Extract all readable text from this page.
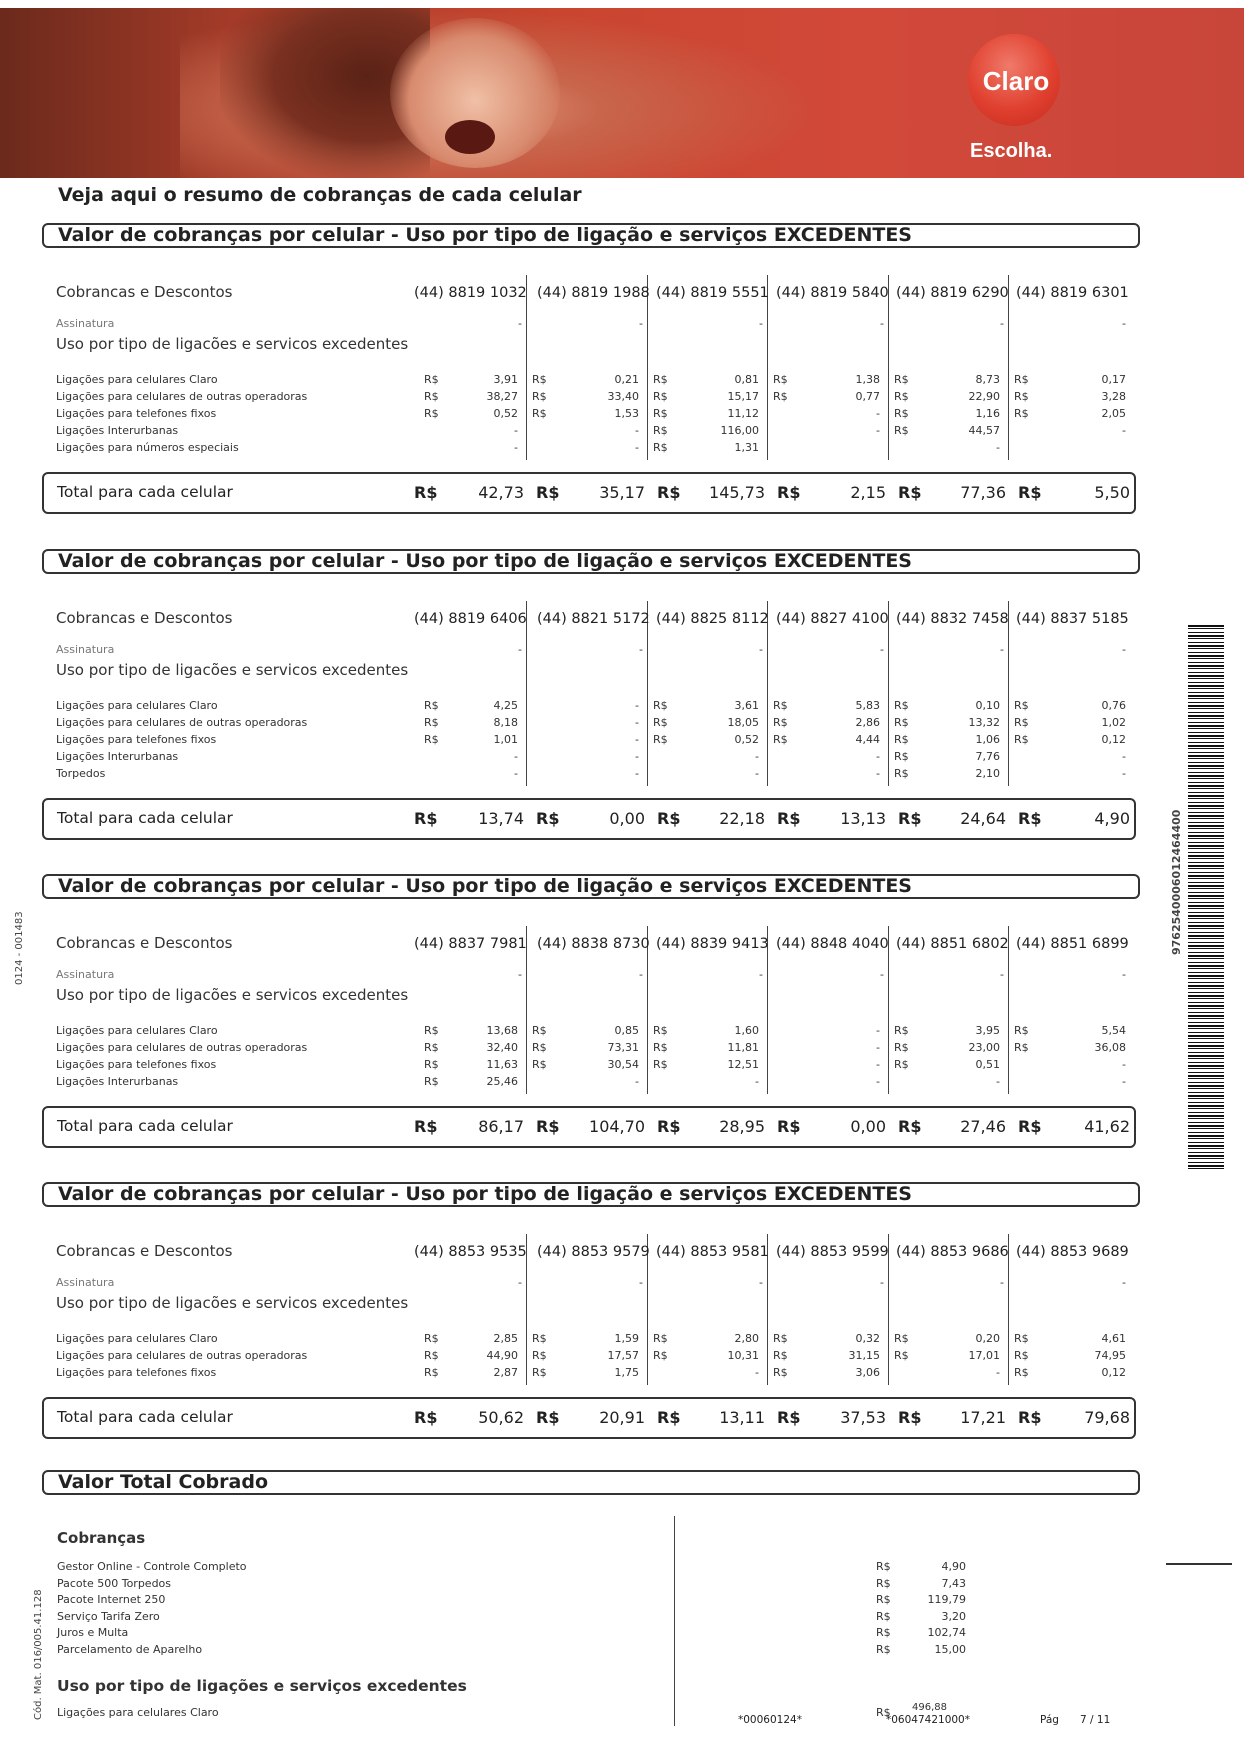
Claro
Escolha.
Veja aqui o resumo de cobranças de cada celular
Valor de cobranças por celular - Uso por tipo de ligação e serviços EXCEDENTES
Cobrancas e Descontos	(44) 8819 1032 (44) 8819 1988 (44) 8819 5551 (44) 8819 5840 (44) 8819 6290 (44) 8819 6301
Assinatura	-	-	-	-	-	-
Uso por tipo de ligacões e servicos excedentes
Ligações para celulares Claro	R$	3,91 R$	0,21 R$	0,81 R$	1,38 R$	8,73 R$	0,17
Ligações para celulares de outras operadoras	R$	38,27 R$	33,40 R$	15,17 R$	0,77 R$	22,90 R$	3,28
Ligações para telefones fixos	R$	0,52 R$	1,53 R$	11,12	- R$	1,16 R$	2,05
Ligações Interurbanas	-	- R$	116,00	- R$	44,57	-
Ligações para números especiais	-	- R$	1,31	-
Total para cada celular	R$	42,73 R$	35,17 R$	145,73 R$	2,15 R$	77,36 R$	5,50
Valor de cobranças por celular - Uso por tipo de ligação e serviços EXCEDENTES
Cobrancas e Descontos	(44) 8819 6406 (44) 8821 5172 (44) 8825 8112 (44) 8827 4100 (44) 8832 7458 (44) 8837 5185
Assinatura	-	-	-	-	-	-
Uso por tipo de ligacões e servicos excedentes
Ligações para celulares Claro	R$	4,25	- R$	3,61 R$	5,83 R$	0,10 R$	0,76
Ligações para celulares de outras operadoras	R$	8,18	- R$	18,05 R$	2,86 R$	13,32 R$	1,02
Ligações para telefones fixos	R$	1,01	- R$	0,52 R$	4,44 R$	1,06 R$	0,12
Ligações Interurbanas	-	-	-	- R$	7,76	-
Torpedos	-	-	-	- R$	2,10	-
Total para cada celular	R$	13,74 R$	0,00 R$	22,18 R$	13,13 R$	24,64 R$	4,90
Valor de cobranças por celular - Uso por tipo de ligação e serviços EXCEDENTES
Cobrancas e Descontos	(44) 8837 7981 (44) 8838 8730 (44) 8839 9413 (44) 8848 4040 (44) 8851 6802 (44) 8851 6899
Assinatura	-	-	-	-	-	-
Uso por tipo de ligacões e servicos excedentes
Ligações para celulares Claro	R$	13,68 R$	0,85 R$	1,60	- R$	3,95 R$	5,54
Ligações para celulares de outras operadoras	R$	32,40 R$	73,31 R$	11,81	- R$	23,00 R$	36,08
Ligações para telefones fixos	R$	11,63 R$	30,54 R$	12,51	- R$	0,51	-
Ligações Interurbanas	R$	25,46	-	-	-	-	-
Total para cada celular	R$	86,17 R$	104,70 R$	28,95 R$	0,00 R$	27,46 R$	41,62
Valor de cobranças por celular - Uso por tipo de ligação e serviços EXCEDENTES
Cobrancas e Descontos	(44) 8853 9535 (44) 8853 9579 (44) 8853 9581 (44) 8853 9599 (44) 8853 9686 (44) 8853 9689
Assinatura	-	-	-	-	-	-
Uso por tipo de ligacões e servicos excedentes
Ligações para celulares Claro	R$	2,85 R$	1,59 R$	2,80 R$	0,32 R$	0,20 R$	4,61
Ligações para celulares de outras operadoras	R$	44,90 R$	17,57 R$	10,31 R$	31,15 R$	17,01 R$	74,95
Ligações para telefones fixos	R$	2,87 R$	1,75	- R$	3,06	- R$	0,12
Total para cada celular	R$	50,62 R$	20,91 R$	13,11 R$	37,53 R$	17,21 R$	79,68
Valor Total Cobrado
Cobranças
Gestor Online - Controle Completo	R$	4,90
Pacote 500 Torpedos	R$	7,43
Pacote Internet 250	R$	119,79
Serviço Tarifa Zero	R$	3,20
Juros e Multa	R$	102,74
Parcelamento de Aparelho	R$	15,00
Uso por tipo de ligações e serviços excedentes
Ligações para celulares Claro
*00060124*
R$
*06047421000*
496,88
Pág 7 / 11
0124 - 001483
Cód. Mat. 016/005.41.128
9762540006012464400
